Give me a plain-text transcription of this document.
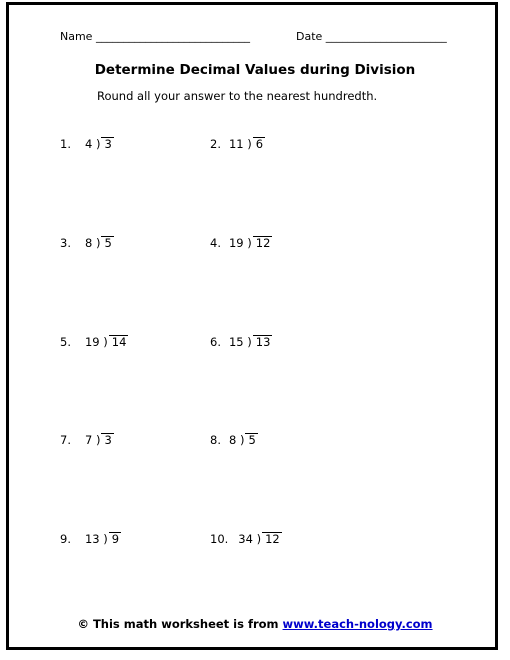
Name ____________________________	Date ______________________
Determine Decimal Values during Division
Round all your answer to the nearest hundredth.
1. 4 ) 3	2. 11 ) 6
3. 8 ) 5	4. 19 ) 12
5. 19 ) 14	6. 15 ) 13
7. 7 ) 3	8. 8 ) 5
9. 13 ) 9	10. 34 ) 12
© This math worksheet is from www.teach-nology.com
